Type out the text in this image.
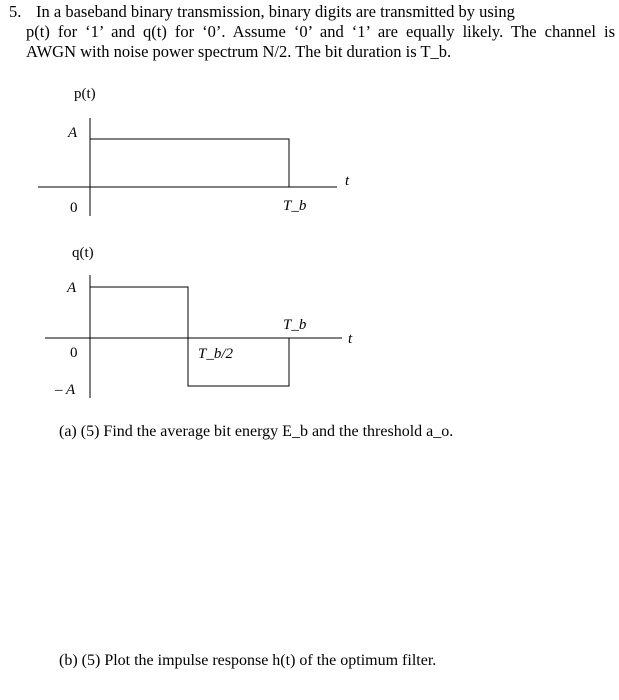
5. In a baseband binary transmission, binary digits are transmitted by using
p(t) for ‘1’ and q(t) for ‘0’. Assume ‘0’ and ‘1’ are equally likely. The channel is
AWGN with noise power spectrum N/2. The bit duration is T_b.
p(t)
A
0	T_b
t
q(t)
A
0
– A
T_b/2
T_b
t
(a) (5) Find the average bit energy E_b and the threshold a_o.
(b) (5) Plot the impulse response h(t) of the optimum filter.
